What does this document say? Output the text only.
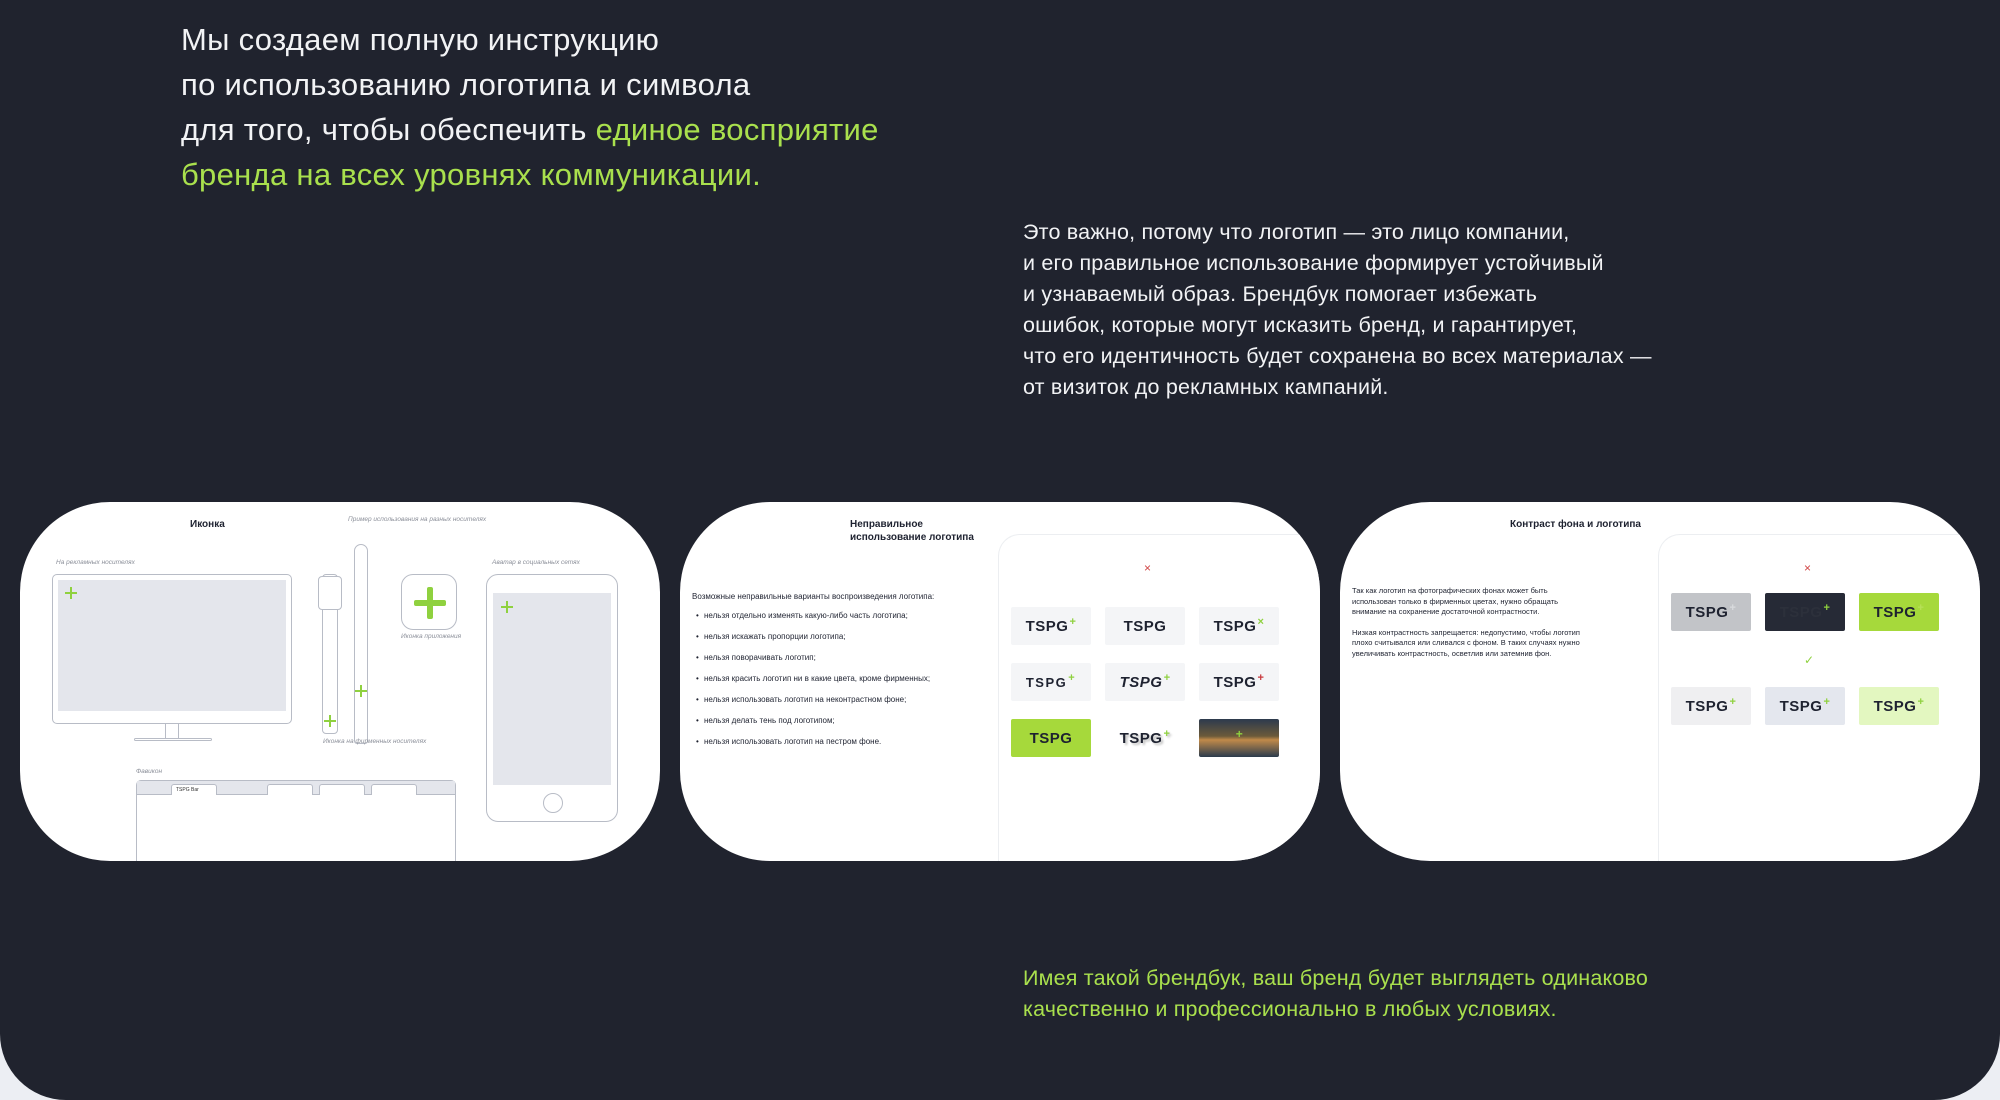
Мы создаем полную инструкцию
по использованию логотипа и символа
для того, чтобы обеспечить единое восприятие
бренда на всех уровнях коммуникации.
Это важно, потому что логотип — это лицо компании,
и его правильное использование формирует устойчивый
и узнаваемый образ. Брендбук помогает избежать
ошибок, которые могут исказить бренд, и гарантирует,
что его идентичность будет сохранена во всех материалах —
от визиток до рекламных кампаний.
Иконка	Пример использования на разных носителях
На рекламных носителях	Аватар в социальных сетях
Иконка на фирменных носителях
Иконка приложения
Фавикон
TSPG Bar
Неправильное использование логотипа
Возможные неправильные варианты воспроизведения логотипа:
• нельзя отдельно изменять какую-либо часть логотипа;
• нельзя искажать пропорции логотипа;
• нельзя поворачивать логотип;
• нельзя красить логотип ни в какие цвета, кроме фирменных;
• нельзя использовать логотип на неконтрастном фоне;
• нельзя делать тень под логотипом;
• нельзя использовать логотип на пестром фоне.
×
TSPG +	TSPG	TSPG ×
TSPG +	TSPG +	TSPG +
TSPG	TSPG +	+
Контраст фона и логотипа

Так как логотип на фотографических фонах может быть использован только в фирменных цветах, нужно обращать внимание на сохранение достаточной контрастности.

Низкая контрастность запрещается: недопустимо, чтобы логотип плохо считывался или сливался с фоном. В таких случаях нужно увеличивать контрастность, осветлив или затемнив фон.

×
TSPG +	TSPG +	TSPG +
✓
TSPG +	TSPG +	TSPG +
Имея такой брендбук, ваш бренд будет выглядеть одинаково
качественно и профессионально в любых условиях.
